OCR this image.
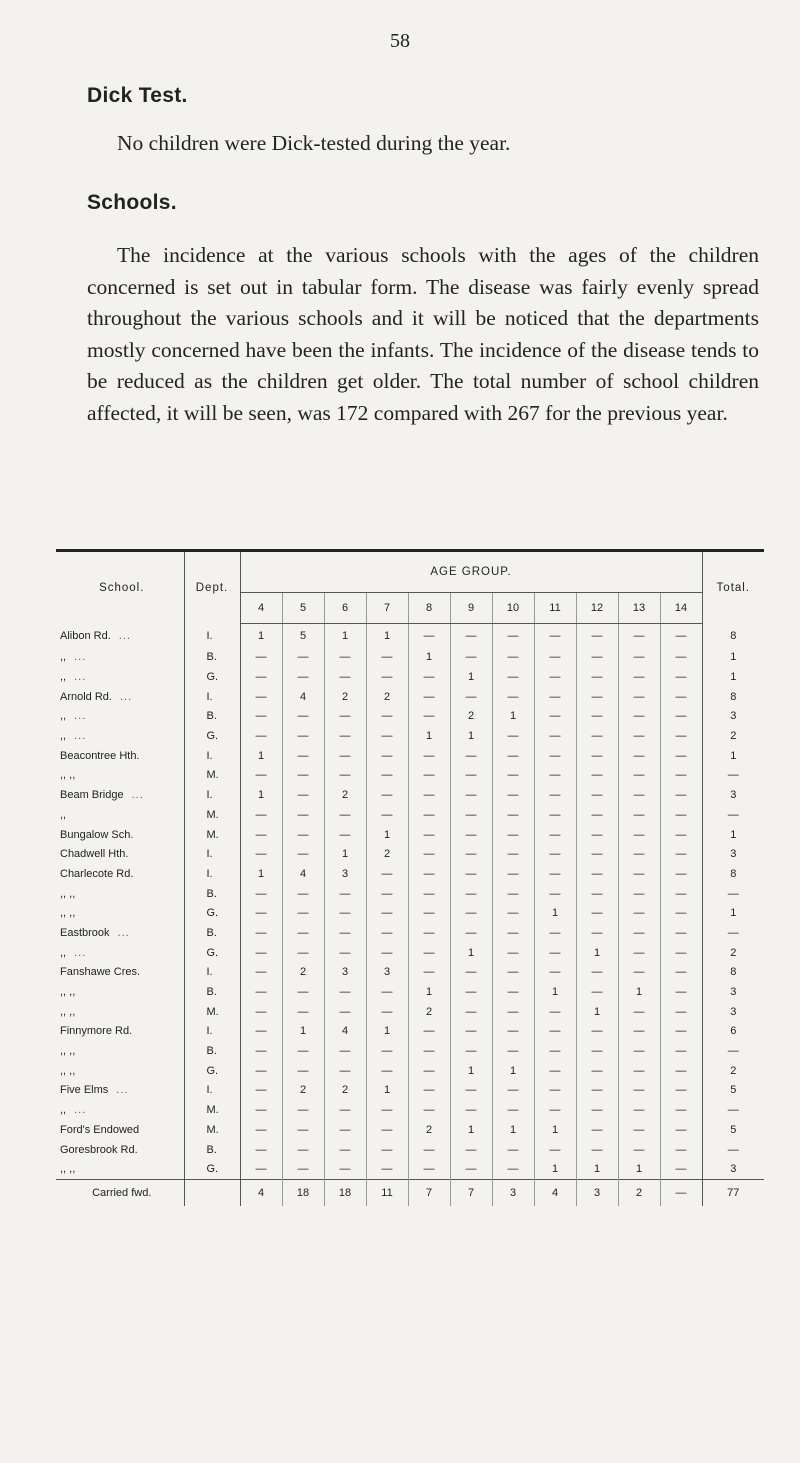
58
Dick Test.
No children were Dick-tested during the year.
Schools.
The incidence at the various schools with the ages of the children concerned is set out in tabular form. The disease was fairly evenly spread throughout the various schools and it will be noticed that the departments mostly concerned have been the infants. The incidence of the disease tends to be reduced as the children get older. The total number of school children affected, it will be seen, was 172 compared with 267 for the previous year.
School.	Dept.	AGE GROUP.											Total.
		4	5	6	7	8	9	10	11	12	13	14	
Alibon Rd. ...	I.	1	5	1	1	—	—	—	—	—	—	—	8
,, ...	B.	—	—	—	—	1	—	—	—	—	—	—	1
,, ...	G.	—	—	—	—	—	1	—	—	—	—	—	1
Arnold Rd. ...	I.	—	4	2	2	—	—	—	—	—	—	—	8
,, ...	B.	—	—	—	—	—	2	1	—	—	—	—	3
,, ...	G.	—	—	—	—	1	1	—	—	—	—	—	2
Beacontree Hth.	I.	1	—	—	—	—	—	—	—	—	—	—	1
,, ,,	M.	—	—	—	—	—	—	—	—	—	—	—	—
Beam Bridge ...	I.	1	—	2	—	—	—	—	—	—	—	—	3
,,	M.	—	—	—	—	—	—	—	—	—	—	—	—
Bungalow Sch.	M.	—	—	—	1	—	—	—	—	—	—	—	1
Chadwell Hth.	I.	—	—	1	2	—	—	—	—	—	—	—	3
Charlecote Rd.	I.	1	4	3	—	—	—	—	—	—	—	—	8
,, ,,	B.	—	—	—	—	—	—	—	—	—	—	—	—
,, ,,	G.	—	—	—	—	—	—	—	1	—	—	—	1
Eastbrook ...	B.	—	—	—	—	—	—	—	—	—	—	—	—
,, ...	G.	—	—	—	—	—	1	—	—	1	—	—	2
Fanshawe Cres.	I.	—	2	3	3	—	—	—	—	—	—	—	8
,, ,,	B.	—	—	—	—	1	—	—	1	—	1	—	3
,, ,,	M.	—	—	—	—	2	—	—	—	1	—	—	3
Finnymore Rd.	I.	—	1	4	1	—	—	—	—	—	—	—	6
,, ,,	B.	—	—	—	—	—	—	—	—	—	—	—	—
,, ,,	G.	—	—	—	—	—	1	1	—	—	—	—	2
Five Elms ...	I.	—	2	2	1	—	—	—	—	—	—	—	5
,, ...	M.	—	—	—	—	—	—	—	—	—	—	—	—
Ford's Endowed	M.	—	—	—	—	2	1	1	1	—	—	—	5
Goresbrook Rd.	B.	—	—	—	—	—	—	—	—	—	—	—	—
,, ,,	G.	—	—	—	—	—	—	—	1	1	1	—	3
Carried fwd.		4	18	18	11	7	7	3	4	3	2	—	77
